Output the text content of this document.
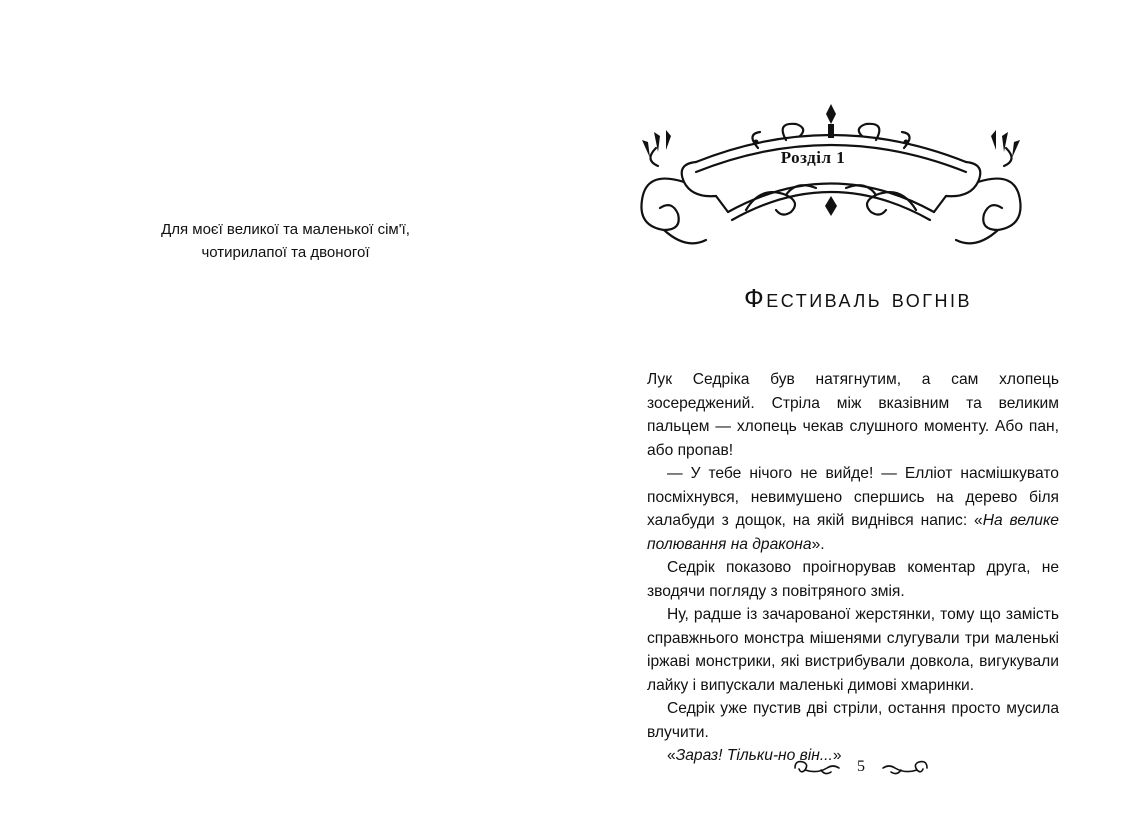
Для моєї великої та маленької сім'ї,
чотирилапої та двоногої
Розділ 1
Фестиваль вогнів

Лук Седріка був натягнутим, а сам хлопець зосереджений. Стріла між вказівним та великим пальцем — хлопець чекав слушного моменту. Або пан, або пропав!

— У тебе нічого не вийде! — Елліот насмішкувато посміхнувся, невимушено спершись на дерево біля халабуди з дощок, на якій виднівся напис: «На велике полювання на дракона».

Седрік показово проігнорував коментар друга, не зводячи погляду з повітряного змія.

Ну, радше із зачарованої жерстянки, тому що замість справжнього монстра мішенями слугували три маленькі іржаві монстрики, які вистрибували довкола, вигукували лайку і випускали маленькі димові хмаринки.

Седрік уже пустив дві стріли, остання просто мусила влучити.

«Зараз! Тільки-но він...»

5
